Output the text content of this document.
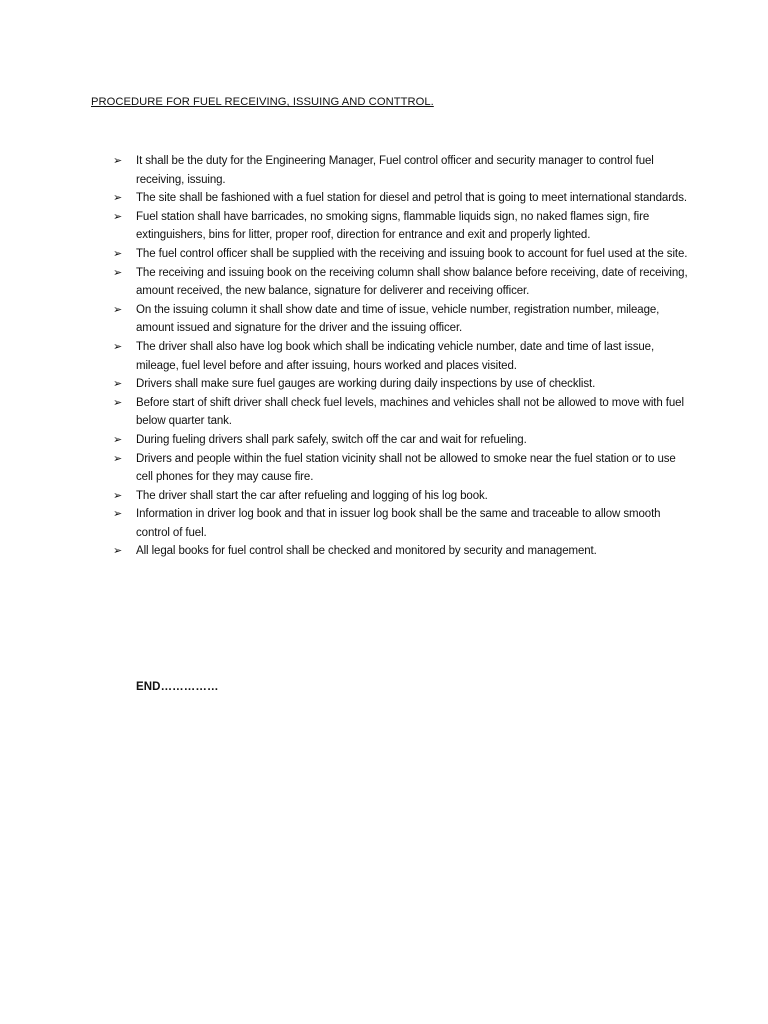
PROCEDURE FOR FUEL RECEIVING, ISSUING AND CONTTROL.
➢	It shall be the duty for the Engineering Manager, Fuel control officer and security manager to control fuel receiving, issuing.
➢	The site shall be fashioned with a fuel station for diesel and petrol that is going to meet international standards.
➢	Fuel station shall have barricades, no smoking signs, flammable liquids sign, no naked flames sign, fire extinguishers, bins for litter, proper roof, direction for entrance and exit and properly lighted.
➢	The fuel control officer shall be supplied with the receiving and issuing book to account for fuel used at the site.
➢	The receiving and issuing book on the receiving column shall show balance before receiving, date of receiving, amount received, the new balance, signature for deliverer and receiving officer.
➢	On the issuing column it shall show date and time of issue, vehicle number, registration number, mileage, amount issued and signature for the driver and the issuing officer.
➢	The driver shall also have log book which shall be indicating vehicle number, date and time of last issue, mileage, fuel level before and after issuing, hours worked and places visited.
➢	Drivers shall make sure fuel gauges are working during daily inspections by use of checklist.
➢	Before start of shift driver shall check fuel levels, machines and vehicles shall not be allowed to move with fuel below quarter tank.
➢	During fueling drivers shall park safely, switch off the car and wait for refueling.
➢	Drivers and people within the fuel station vicinity shall not be allowed to smoke near the fuel station or to use cell phones for they may cause fire.
➢	The driver shall start the car after refueling and logging of his log book.
➢	Information in driver log book and that in issuer log book shall be the same and traceable to allow smooth control of fuel.
➢	All legal books for fuel control shall be checked and monitored by security and management.
END……………
